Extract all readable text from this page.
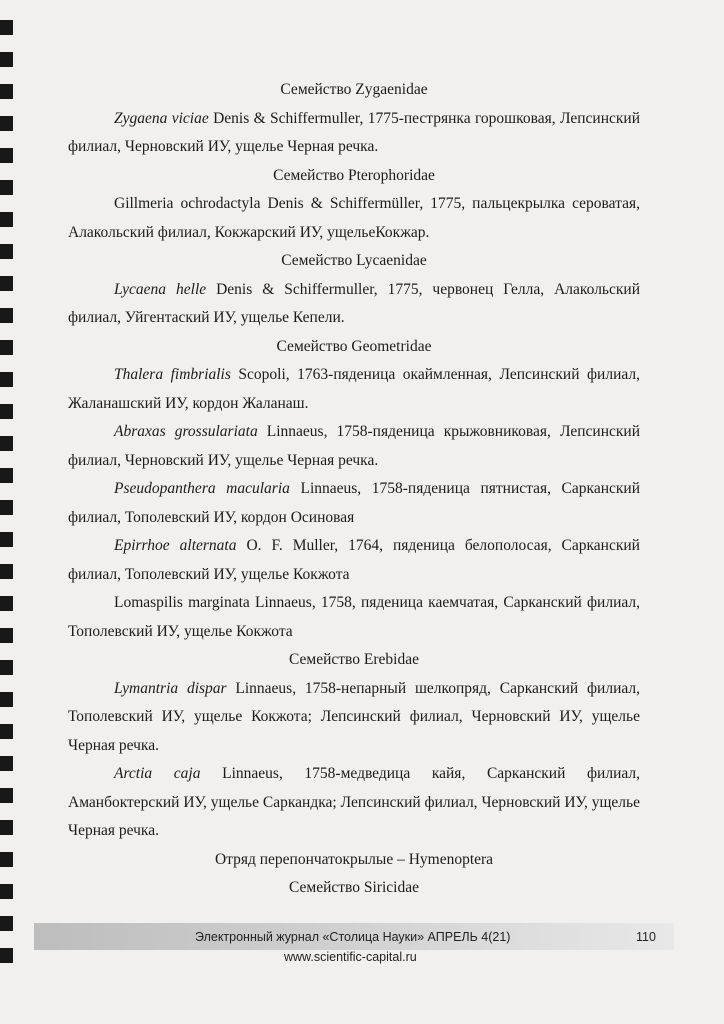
Семейство Zygaenidae

Zygaena viciae Denis & Schiffermuller, 1775-пестрянка горошковая, Лепсинский филиал, Черновский ИУ, ущелье Черная речка.

Семейство Pterophoridae

Gillmeria ochrodactyla Denis & Schiffermüller, 1775, пальцекрылка сероватая, Алакольский филиал, Кокжарский ИУ, ущельеКокжар.

Семейство Lycaenidae

Lycaena helle Denis & Schiffermuller, 1775, червонец Гелла, Алакольский филиал, Уйгентаский ИУ, ущелье Кепели.

Семейство Geometridae

Thalera fimbrialis Scopoli, 1763-пяденица окаймленная, Лепсинский филиал, Жаланашский ИУ, кордон Жаланаш.

Abraxas grossulariata Linnaeus, 1758-пяденица крыжовниковая, Лепсинский филиал, Черновский ИУ, ущелье Черная речка.

Pseudopanthera macularia Linnaeus, 1758-пяденица пятнистая, Сарканский филиал, Тополевский ИУ, кордон Осиновая

Epirrhoe alternata O. F. Muller, 1764, пяденица белополосая, Сарканский филиал, Тополевский ИУ, ущелье Кокжота

Lomaspilis marginata Linnaeus, 1758, пяденица каемчатая, Сарканский филиал, Тополевский ИУ, ущелье Кокжота

Семейство Erebidae

Lymantria dispar Linnaeus, 1758-непарный шелкопряд, Сарканский филиал, Тополевский ИУ, ущелье Кокжота; Лепсинский филиал, Черновский ИУ, ущелье Черная речка.

Arctia caja Linnaeus, 1758-медведица кайя, Сарканский филиал, Аманбоктерский ИУ, ущелье Саркандка; Лепсинский филиал, Черновский ИУ, ущелье Черная речка.

Отряд перепончатокрылые – Hymenoptera

Семейство Siricidae

Электронный журнал «Столица Науки» АПРЕЛЬ 4(21)	110
www.scientific-capital.ru
